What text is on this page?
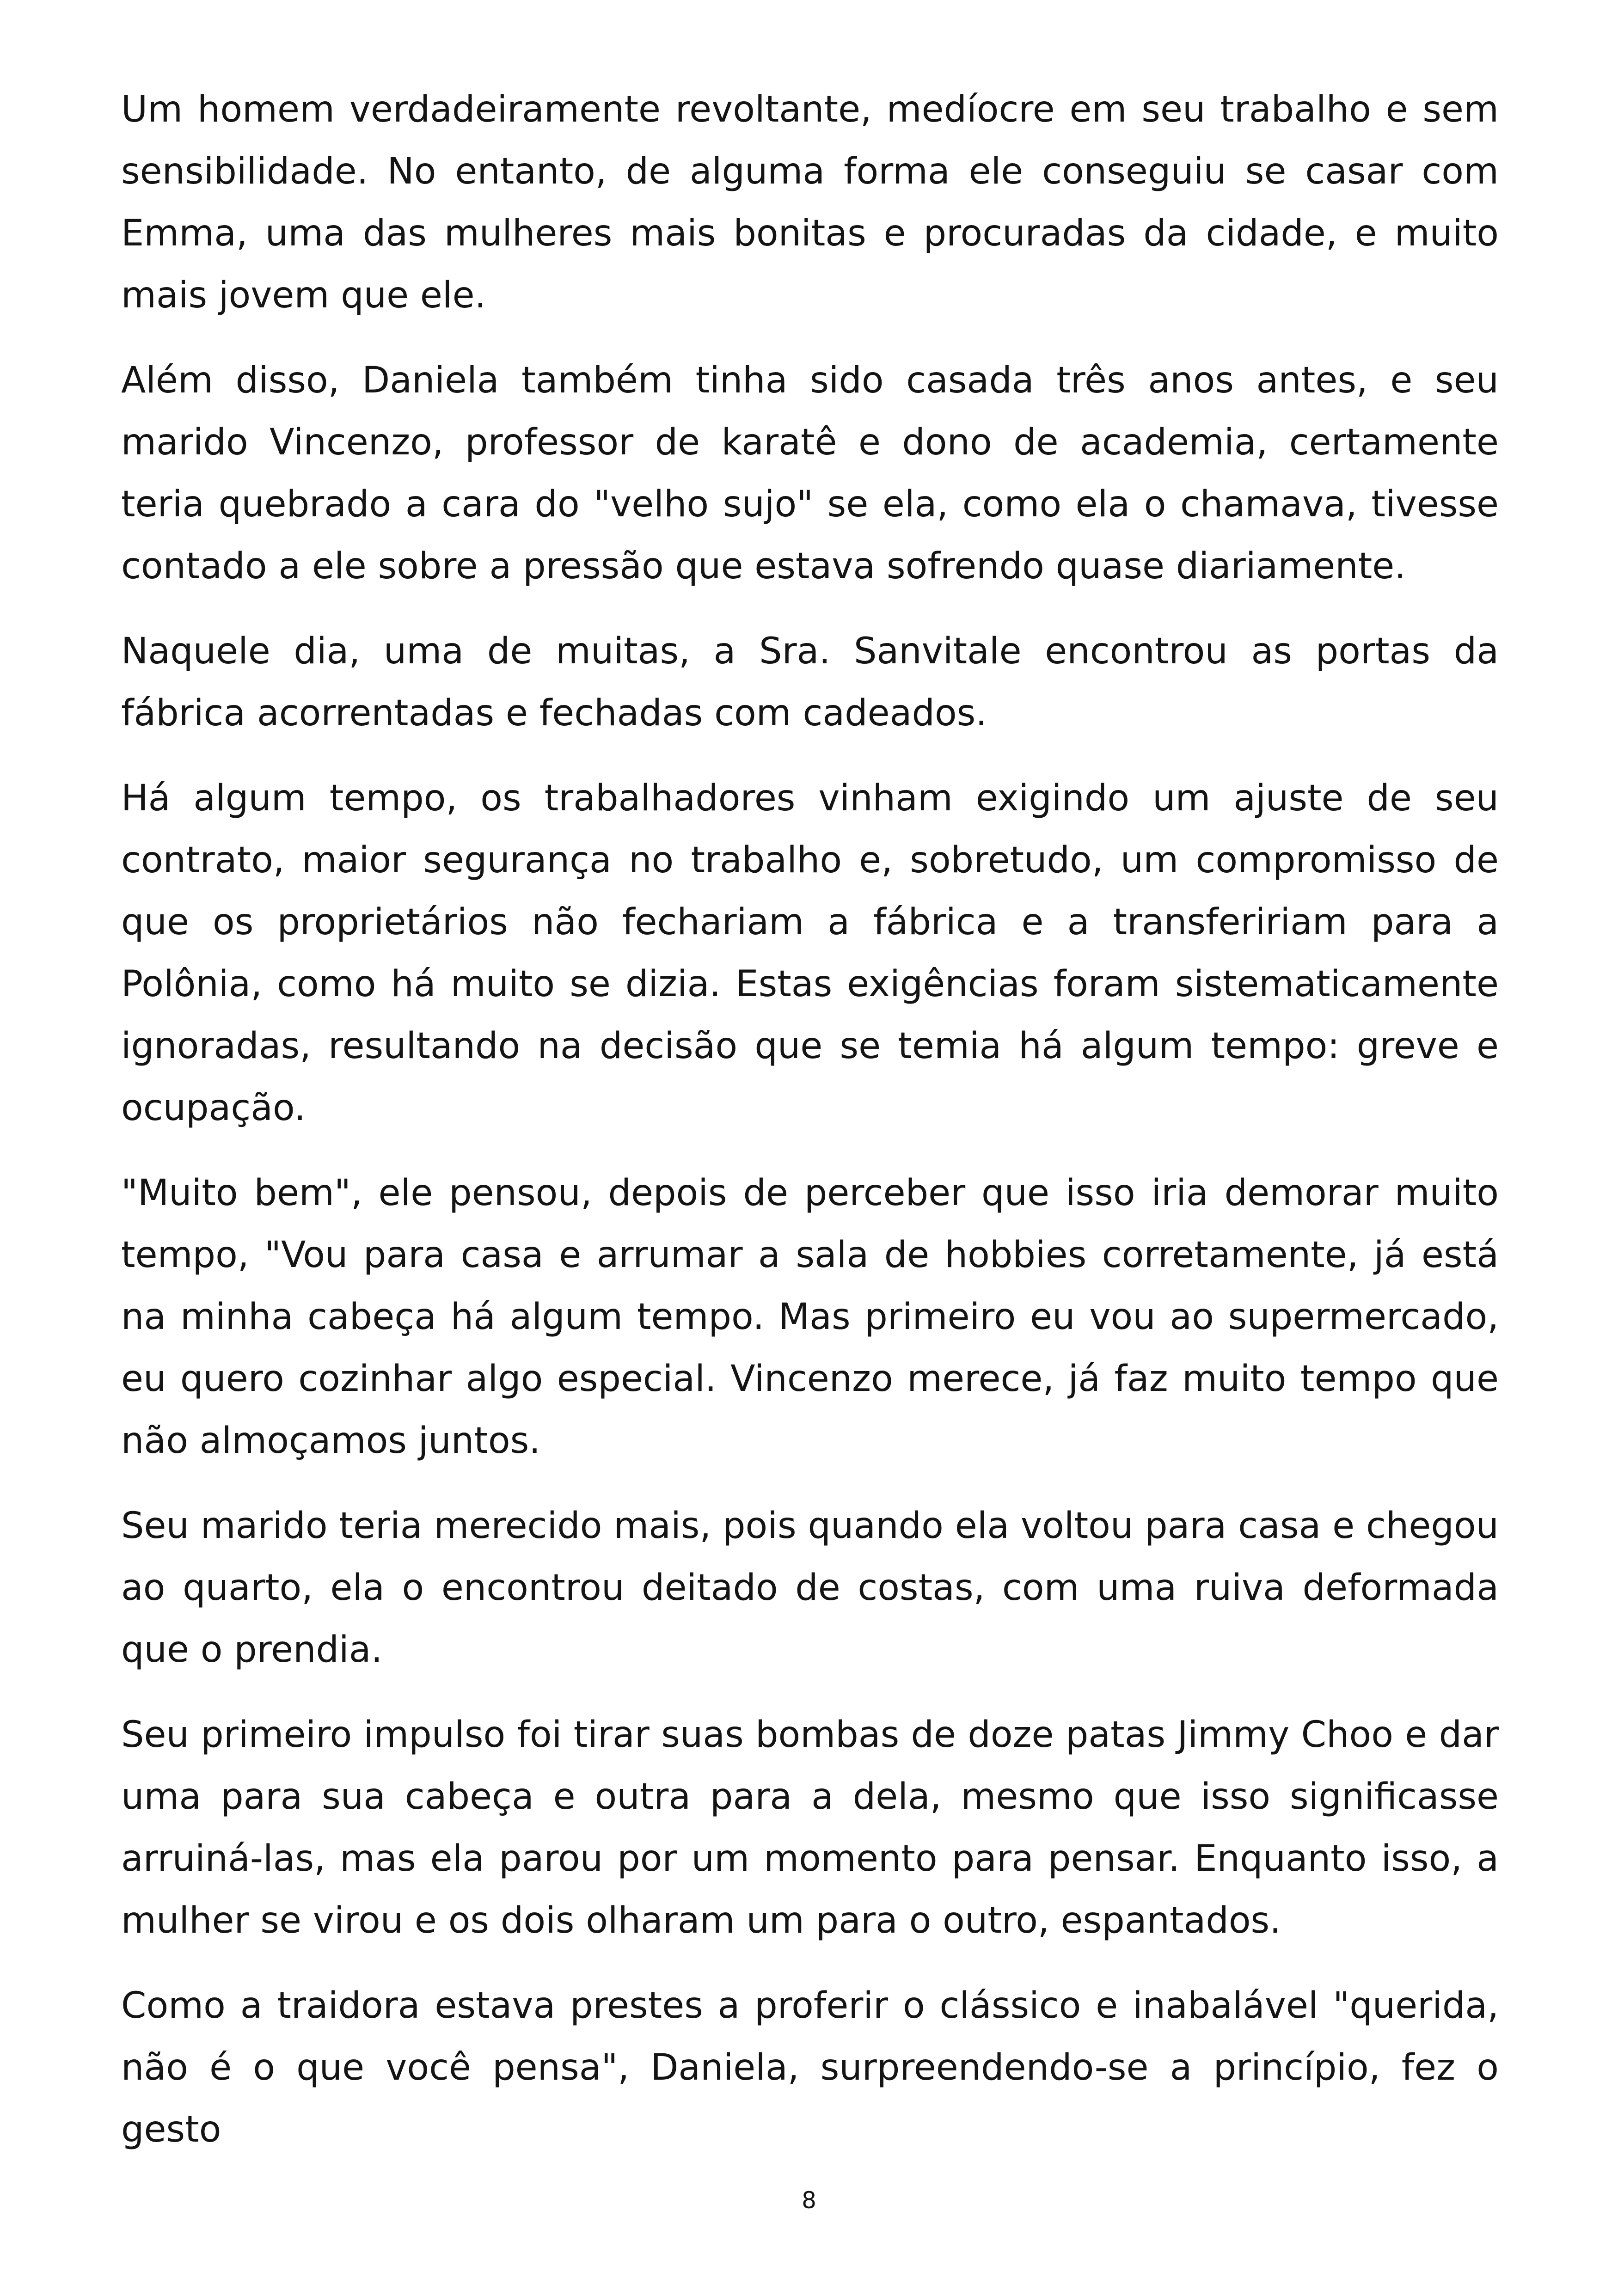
Um homem verdadeiramente revoltante, medíocre em seu trabalho e sem sensibilidade. No entanto, de alguma forma ele conseguiu se casar com Emma, uma das mulheres mais bonitas e procuradas da cidade, e muito mais jovem que ele.

Além disso, Daniela também tinha sido casada três anos antes, e seu marido Vincenzo, professor de karatê e dono de academia, certamente teria quebrado a cara do "velho sujo" se ela, como ela o chamava, tivesse contado a ele sobre a pressão que estava sofrendo quase diariamente.

Naquele dia, uma de muitas, a Sra. Sanvitale encontrou as portas da fábrica acorrentadas e fechadas com cadeados.

Há algum tempo, os trabalhadores vinham exigindo um ajuste de seu contrato, maior segurança no trabalho e, sobretudo, um compromisso de que os proprietários não fechariam a fábrica e a transfeririam para a Polônia, como há muito se dizia. Estas exigências foram sistematicamente ignoradas, resultando na decisão que se temia há algum tempo: greve e ocupação.

"Muito bem", ele pensou, depois de perceber que isso iria demorar muito tempo, "Vou para casa e arrumar a sala de hobbies corretamente, já está na minha cabeça há algum tempo. Mas primeiro eu vou ao supermercado, eu quero cozinhar algo especial. Vincenzo merece, já faz muito tempo que não almoçamos juntos.

Seu marido teria merecido mais, pois quando ela voltou para casa e chegou ao quarto, ela o encontrou deitado de costas, com uma ruiva deformada que o prendia.

Seu primeiro impulso foi tirar suas bombas de doze patas Jimmy Choo e dar uma para sua cabeça e outra para a dela, mesmo que isso significasse arruiná-las, mas ela parou por um momento para pensar. Enquanto isso, a mulher se virou e os dois olharam um para o outro, espantados.

Como a traidora estava prestes a proferir o clássico e inabalável "querida, não é o que você pensa", Daniela, surpreendendo-se a princípio, fez o gesto

8
